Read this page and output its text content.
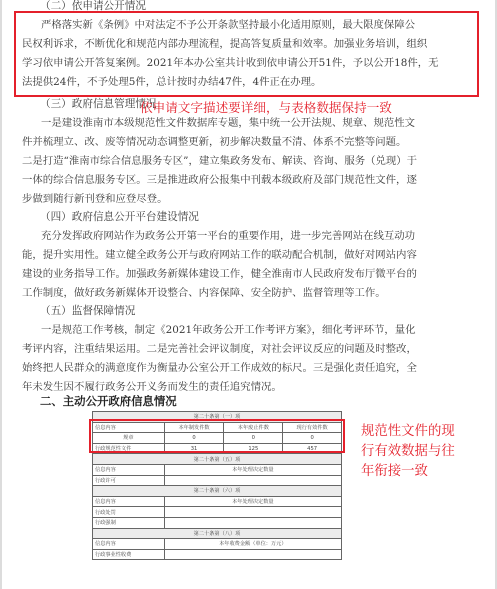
（二）依申请公开情况
严格落实新《条例》中对法定不予公开条款坚持最小化适用原则，最大限度保障公
民权利诉求，不断优化和规范内部办理流程，提高答复质量和效率。加强业务培训，组织
学习依申请公开答复案例。2021年本办公室共计收到依申请公开51件，予以公开18件，无
法提供24件，不予处理5件，总计按时办结47件，4件正在办理。
（三）政府信息管理情况
依申请文字描述要详细，与表格数据保持一致
一是建设淮南市本级规范性文件数据库专题，集中统一公开法规、规章、规范性文
件并梳理立、改、废等情况动态调整更新，初步解决数量不清、体系不完整等问题。
二是打造“淮南市综合信息服务专区”，建立集政务发布、解读、咨询、服务（兑现）于
一体的综合信息服务专区。三是推进政府公报集中刊载本级政府及部门规范性文件，逐
步做到随行新刊登和应登尽登。
（四）政府信息公开平台建设情况
充分发挥政府网站作为政务公开第一平台的重要作用，进一步完善网站在线互动功
能，提升实用性。建立健全政务公开与政府网站工作的联动配合机制，做好对网站内容
建设的业务指导工作。加强政务新媒体建设工作，健全淮南市人民政府发布厅微平台的
工作制度，做好政务新媒体开设整合、内容保障、安全防护、监督管理等工作。
（五）监督保障情况
一是规范工作考核，制定《2021年政务公开工作考评方案》，细化考评环节，量化
考评内容，注重结果运用。二是完善社会评议制度，对社会评议反应的问题及时整改，
始终把人民群众的满意度作为衡量办公室公开工作成效的标尺。三是强化责任追究，全
年未发生因不履行政务公开义务而发生的责任追究情况。
二、主动公开政府信息情况
第二十条第（一）项			
信息内容	本年制发件数	本年废止件数	现行有效件数
规章	0	0	0
行政规范性文件	31	125	457
第二十条第（五）项			
信息内容	本年处理决定数量		
行政许可			
第二十条第（六）项			
信息内容	本年处理决定数量		
行政处罚			
行政强制			
第二十条第（八）项			
信息内容	本年收费金额（单位：万元）		
行政事业性收费			
规范性文件的现
行有效数据与往
年衔接一致
